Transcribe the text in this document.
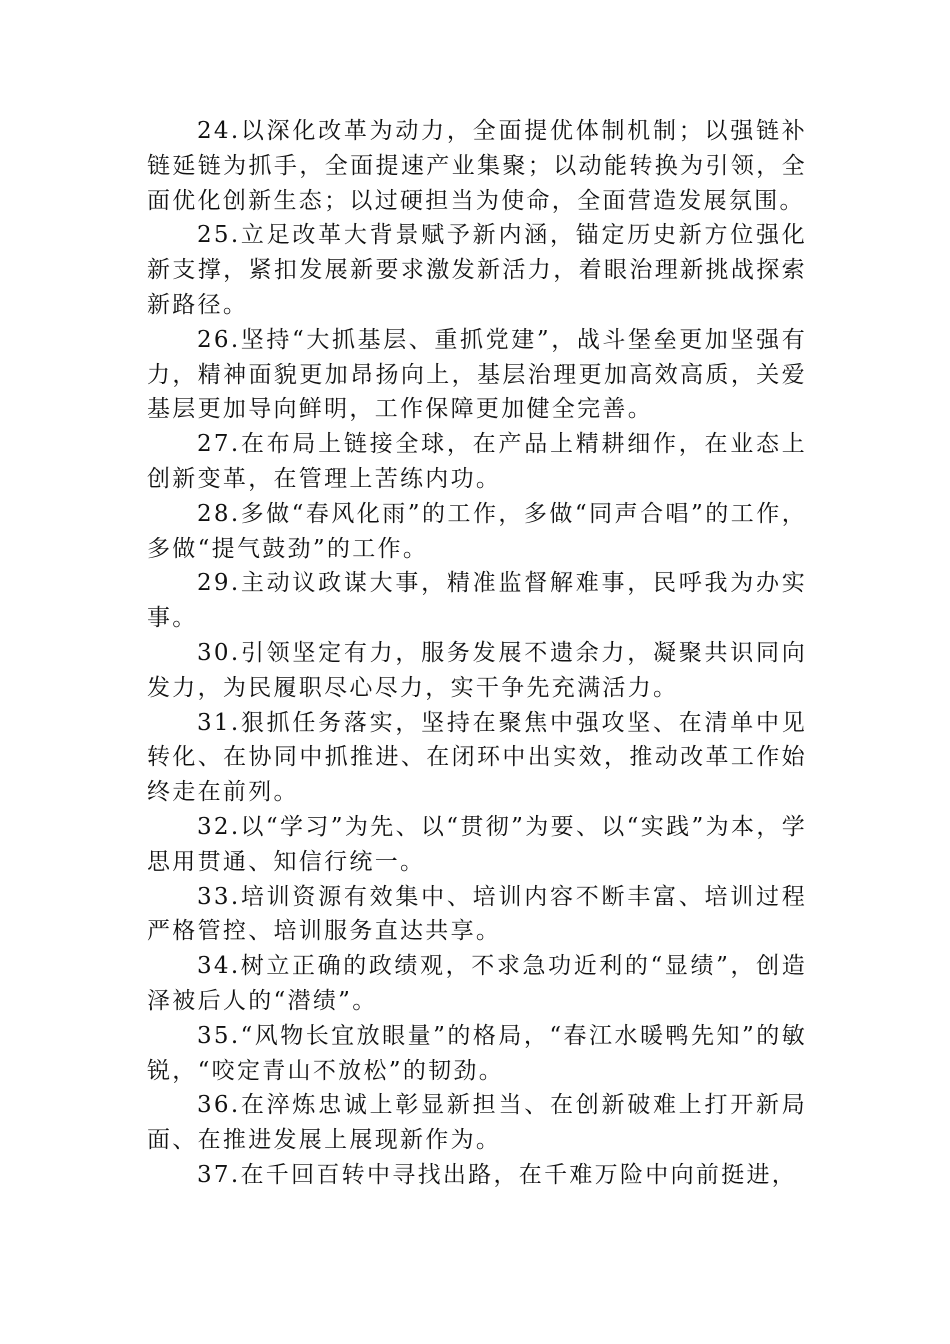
24.以深化改革为动力，全面提优体制机制；以强链补链延链为抓手，全面提速产业集聚；以动能转换为引领，全面优化创新生态；以过硬担当为使命，全面营造发展氛围。

25.立足改革大背景赋予新内涵，锚定历史新方位强化新支撑，紧扣发展新要求激发新活力，着眼治理新挑战探索新路径。

26.坚持“大抓基层、重抓党建”，战斗堡垒更加坚强有力，精神面貌更加昂扬向上，基层治理更加高效高质，关爱基层更加导向鲜明，工作保障更加健全完善。

27.在布局上链接全球，在产品上精耕细作，在业态上创新变革，在管理上苦练内功。

28.多做“春风化雨”的工作，多做“同声合唱”的工作，多做“提气鼓劲”的工作。

29.主动议政谋大事，精准监督解难事，民呼我为办实事。

30.引领坚定有力，服务发展不遗余力，凝聚共识同向发力，为民履职尽心尽力，实干争先充满活力。

31.狠抓任务落实，坚持在聚焦中强攻坚、在清单中见转化、在协同中抓推进、在闭环中出实效，推动改革工作始终走在前列。

32.以“学习”为先、以“贯彻”为要、以“实践”为本，学思用贯通、知信行统一。

33.培训资源有效集中、培训内容不断丰富、培训过程严格管控、培训服务直达共享。

34.树立正确的政绩观，不求急功近利的“显绩”，创造泽被后人的“潜绩”。

35.“风物长宜放眼量”的格局，“春江水暖鸭先知”的敏锐，“咬定青山不放松”的韧劲。

36.在淬炼忠诚上彰显新担当、在创新破难上打开新局面、在推进发展上展现新作为。

37.在千回百转中寻找出路，在千难万险中向前挺进，
